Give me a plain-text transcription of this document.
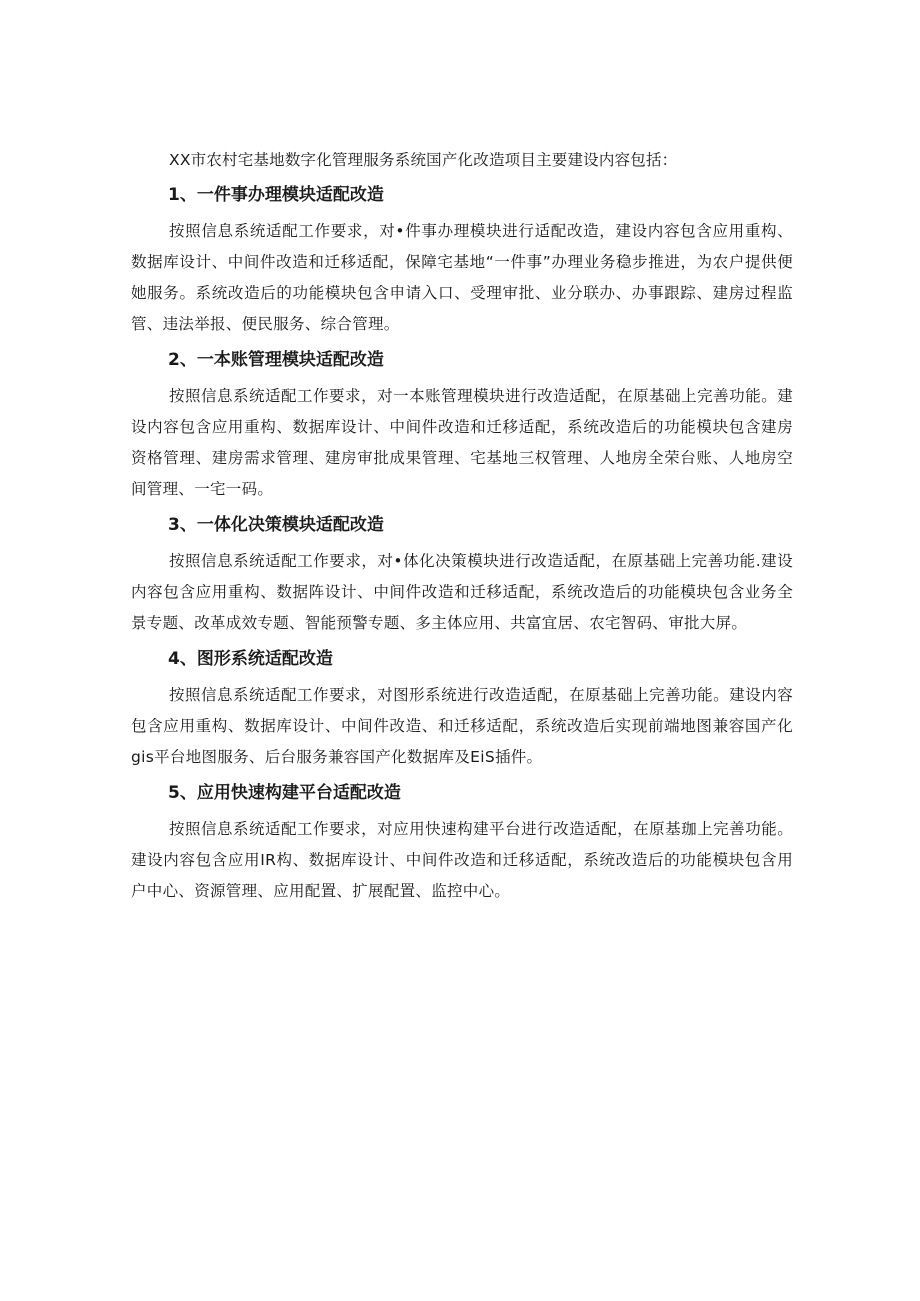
XX市农村宅基地数字化管理服务系统国产化改造项目主要建设内容包括：

1、一件事办理模块适配改造

按照信息系统适配工作要求，对•件事办理模块进行适配改造，建设内容包含应用重构、数据库设计、中间件改造和迁移适配，保障宅基地“一件事”办理业务稳步推进，为农户提供便她服务。系统改造后的功能模块包含申请入口、受理审批、业分联办、办事跟踪、建房过程监管、违法举报、便民服务、综合管理。

2、一本账管理模块适配改造

按照信息系统适配工作要求，对一本账管理模块进行改造适配，在原基础上完善功能。建设内容包含应用重构、数据库设计、中间件改造和迁移适配，系统改造后的功能模块包含建房资格管理、建房需求管理、建房审批成果管理、宅基地三权管理、人地房全荣台账、人地房空间管理、一宅一码。

3、一体化决策模块适配改造

按照信息系统适配工作要求，对•体化决策模块进行改造适配，在原基础上完善功能.建设内容包含应用重构、数据阵设计、中间件改造和迁移适配，系统改造后的功能模块包含业务全景专题、改革成效专题、智能预警专题、多主体应用、共富宜居、农宅智码、审批大屏。

4、图形系统适配改造

按照信息系统适配工作要求，对图形系统进行改造适配，在原基础上完善功能。建设内容包含应用重构、数据库设计、中间件改造、和迁移适配，系统改造后实现前端地图兼容国产化gis平台地图服务、后台服务兼容国产化数据库及EiS插件。

5、应用快速构建平台适配改造

按照信息系统适配工作要求，对应用快速构建平台进行改造适配，在原基珈上完善功能。建设内容包含应用IR构、数据库设计、中间件改造和迁移适配，系统改造后的功能模块包含用户中心、资源管理、应用配置、扩展配置、监控中心。
